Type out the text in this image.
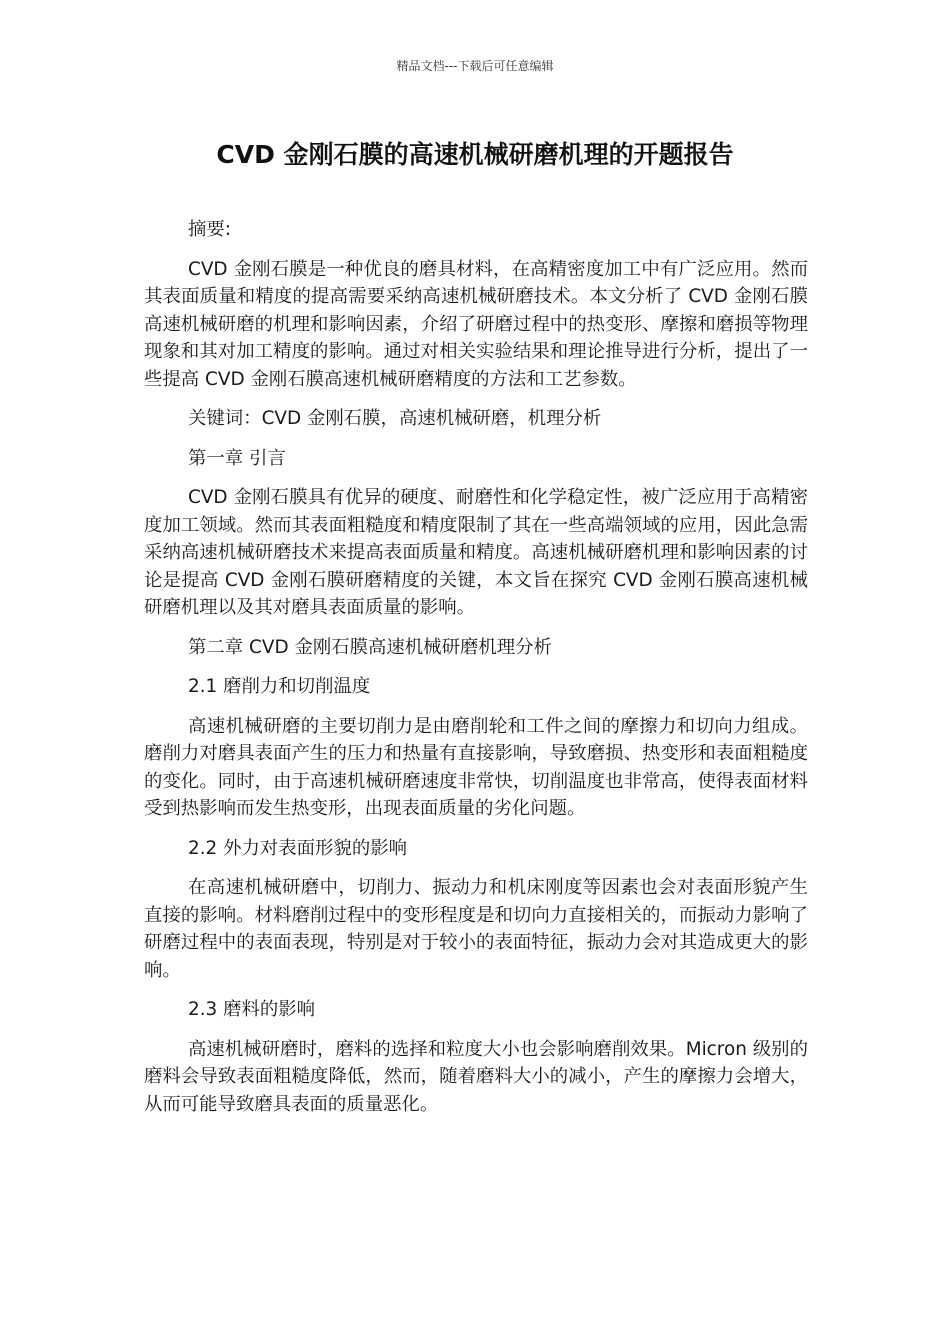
精品文档---下载后可任意编辑
CVD 金刚石膜的高速机械研磨机理的开题报告

摘要:

CVD 金刚石膜是一种优良的磨具材料，在高精密度加工中有广泛应用。然而其表面质量和精度的提高需要采纳高速机械研磨技术。本文分析了 CVD 金刚石膜高速机械研磨的机理和影响因素，介绍了研磨过程中的热变形、摩擦和磨损等物理现象和其对加工精度的影响。通过对相关实验结果和理论推导进行分析，提出了一些提高 CVD 金刚石膜高速机械研磨精度的方法和工艺参数。

关键词：CVD 金刚石膜，高速机械研磨，机理分析

第一章 引言

CVD 金刚石膜具有优异的硬度、耐磨性和化学稳定性，被广泛应用于高精密度加工领域。然而其表面粗糙度和精度限制了其在一些高端领域的应用，因此急需采纳高速机械研磨技术来提高表面质量和精度。高速机械研磨机理和影响因素的讨论是提高 CVD 金刚石膜研磨精度的关键，本文旨在探究 CVD 金刚石膜高速机械研磨机理以及其对磨具表面质量的影响。

第二章 CVD 金刚石膜高速机械研磨机理分析

2.1 磨削力和切削温度

高速机械研磨的主要切削力是由磨削轮和工件之间的摩擦力和切向力组成。磨削力对磨具表面产生的压力和热量有直接影响，导致磨损、热变形和表面粗糙度的变化。同时，由于高速机械研磨速度非常快，切削温度也非常高，使得表面材料受到热影响而发生热变形，出现表面质量的劣化问题。

2.2 外力对表面形貌的影响

在高速机械研磨中，切削力、振动力和机床刚度等因素也会对表面形貌产生直接的影响。材料磨削过程中的变形程度是和切向力直接相关的，而振动力影响了研磨过程中的表面表现，特别是对于较小的表面特征，振动力会对其造成更大的影响。

2.3 磨料的影响

高速机械研磨时，磨料的选择和粒度大小也会影响磨削效果。Micron 级别的磨料会导致表面粗糙度降低，然而，随着磨料大小的减小，产生的摩擦力会增大，从而可能导致磨具表面的质量恶化。
